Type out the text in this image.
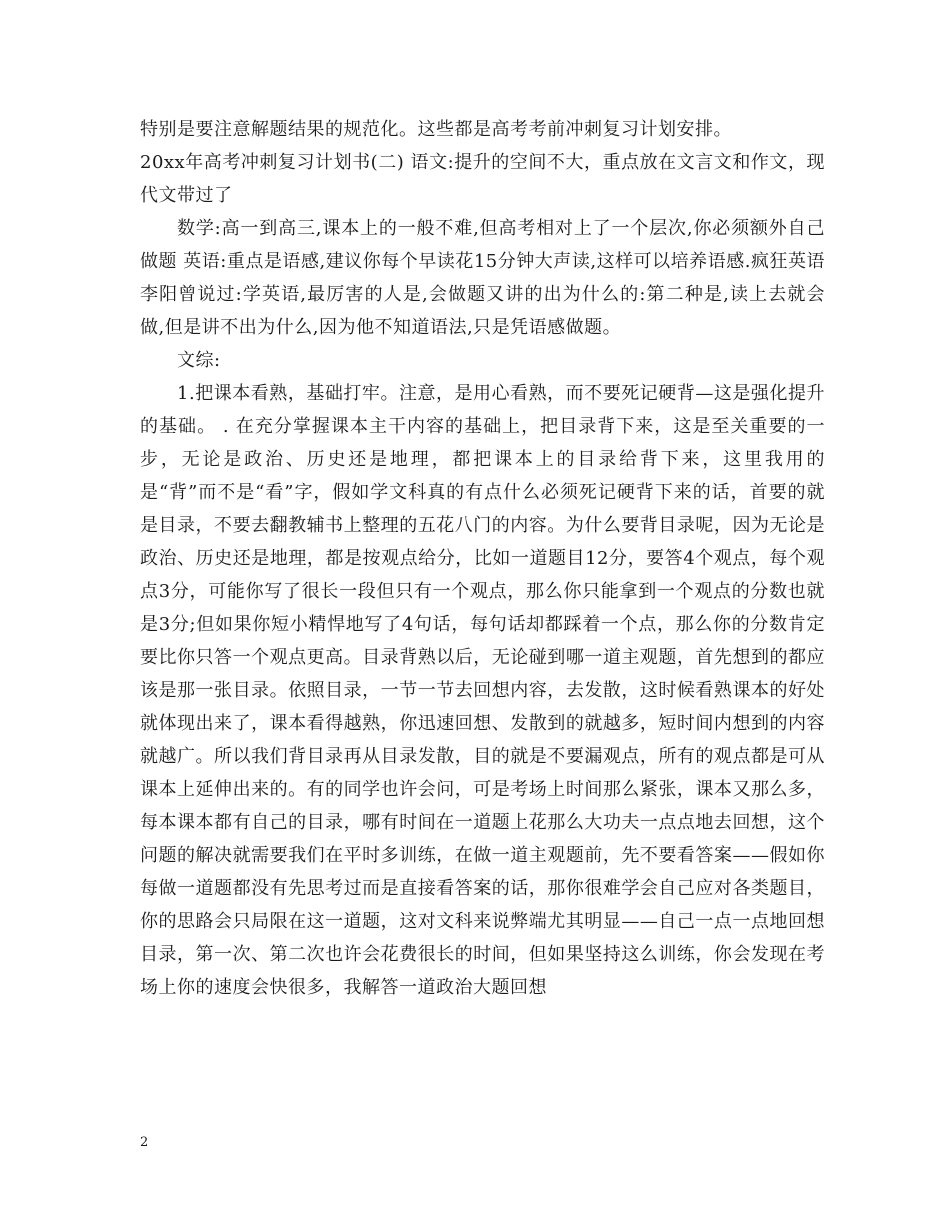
特别是要注意解题结果的规范化。这些都是高考考前冲刺复习计划安排。

20xx年高考冲刺复习计划书(二) 语文:提升的空间不大，重点放在文言文和作文，现代文带过了

数学:高一到高三,课本上的一般不难,但高考相对上了一个层次,你必须额外自己做题 英语:重点是语感,建议你每个早读花15分钟大声读,这样可以培养语感.疯狂英语李阳曾说过:学英语,最厉害的人是,会做题又讲的出为什么的:第二种是,读上去就会做,但是讲不出为什么,因为他不知道语法,只是凭语感做题。

文综:

1.把课本看熟，基础打牢。注意，是用心看熟，而不要死记硬背—这是强化提升的基础。 . 在充分掌握课本主干内容的基础上，把目录背下来，这是至关重要的一步，无论是政治、历史还是地理，都把课本上的目录给背下来，这里我用的是“背”而不是“看”字，假如学文科真的有点什么必须死记硬背下来的话，首要的就是目录，不要去翻教辅书上整理的五花八门的内容。为什么要背目录呢，因为无论是政治、历史还是地理，都是按观点给分，比如一道题目12分，要答4个观点，每个观点3分，可能你写了很长一段但只有一个观点，那么你只能拿到一个观点的分数也就是3分;但如果你短小精悍地写了4句话，每句话却都踩着一个点，那么你的分数肯定要比你只答一个观点更高。目录背熟以后，无论碰到哪一道主观题，首先想到的都应该是那一张目录。依照目录，一节一节去回想内容，去发散，这时候看熟课本的好处就体现出来了，课本看得越熟，你迅速回想、发散到的就越多，短时间内想到的内容就越广。所以我们背目录再从目录发散，目的就是不要漏观点，所有的观点都是可从课本上延伸出来的。有的同学也许会问，可是考场上时间那么紧张，课本又那么多，每本课本都有自己的目录，哪有时间在一道题上花那么大功夫一点点地去回想，这个问题的解决就需要我们在平时多训练，在做一道主观题前，先不要看答案——假如你每做一道题都没有先思考过而是直接看答案的话，那你很难学会自己应对各类题目，你的思路会只局限在这一道题，这对文科来说弊端尤其明显——自己一点一点地回想目录，第一次、第二次也许会花费很长的时间，但如果坚持这么训练，你会发现在考场上你的速度会快很多，我解答一道政治大题回想

2
